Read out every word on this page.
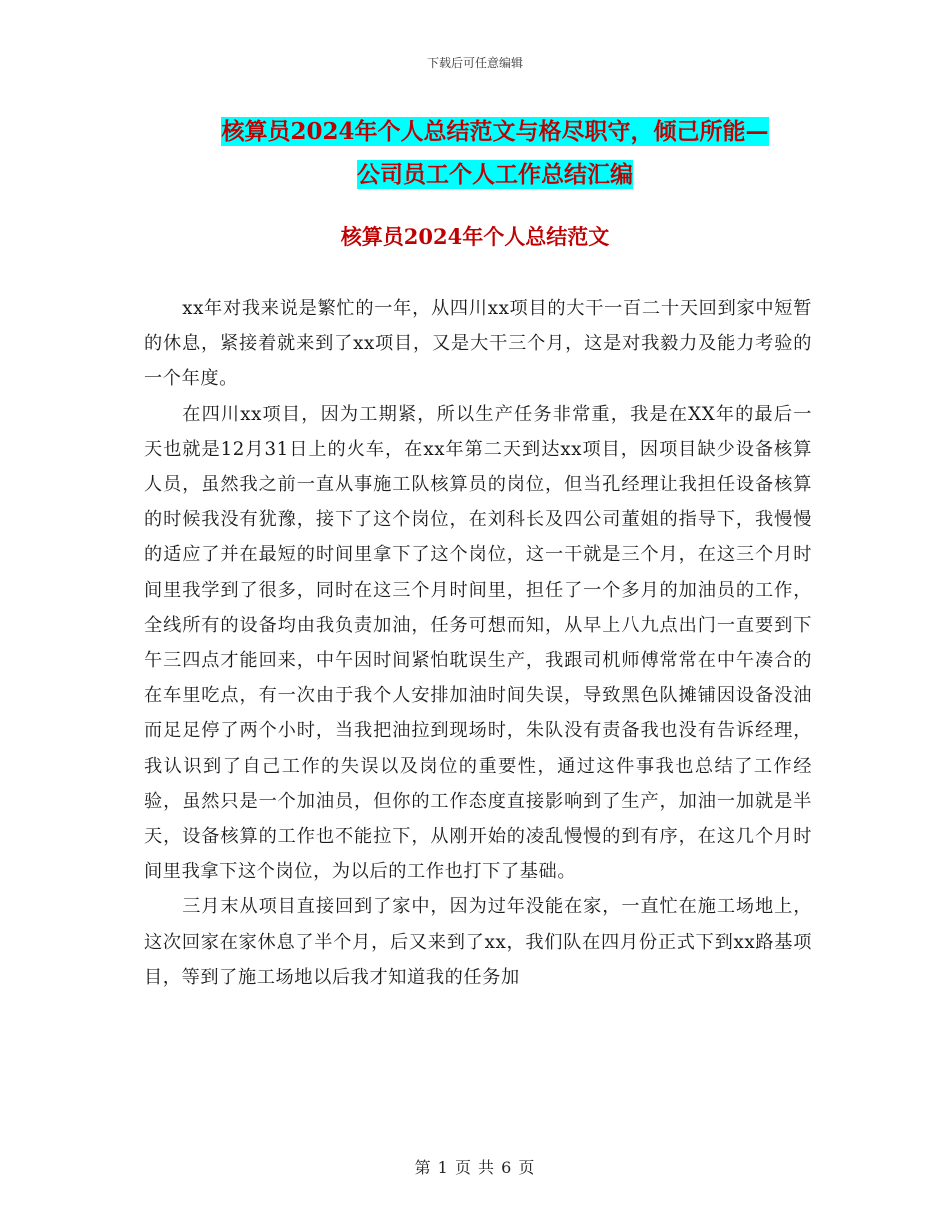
下载后可任意编辑
核算员2024年个人总结范文与格尽职守，倾己所能—
公司员工个人工作总结汇编
核算员2024年个人总结范文

xx年对我来说是繁忙的一年，从四川xx项目的大干一百二十天回到家中短暂的休息，紧接着就来到了xx项目，又是大干三个月，这是对我毅力及能力考验的一个年度。

在四川xx项目，因为工期紧，所以生产任务非常重，我是在XX年的最后一天也就是12月31日上的火车，在xx年第二天到达xx项目，因项目缺少设备核算人员，虽然我之前一直从事施工队核算员的岗位，但当孔经理让我担任设备核算的时候我没有犹豫，接下了这个岗位，在刘科长及四公司董姐的指导下，我慢慢的适应了并在最短的时间里拿下了这个岗位，这一干就是三个月，在这三个月时间里我学到了很多，同时在这三个月时间里，担任了一个多月的加油员的工作，全线所有的设备均由我负责加油，任务可想而知，从早上八九点出门一直要到下午三四点才能回来，中午因时间紧怕耽误生产，我跟司机师傅常常在中午凑合的在车里吃点，有一次由于我个人安排加油时间失误，导致黑色队摊铺因设备没油而足足停了两个小时，当我把油拉到现场时，朱队没有责备我也没有告诉经理，我认识到了自己工作的失误以及岗位的重要性，通过这件事我也总结了工作经验，虽然只是一个加油员，但你的工作态度直接影响到了生产，加油一加就是半天，设备核算的工作也不能拉下，从刚开始的凌乱慢慢的到有序，在这几个月时间里我拿下这个岗位，为以后的工作也打下了基础。

三月末从项目直接回到了家中，因为过年没能在家，一直忙在施工场地上，这次回家在家休息了半个月，后又来到了xx，我们队在四月份正式下到xx路基项目，等到了施工场地以后我才知道我的任务加

第 1 页 共 6 页
